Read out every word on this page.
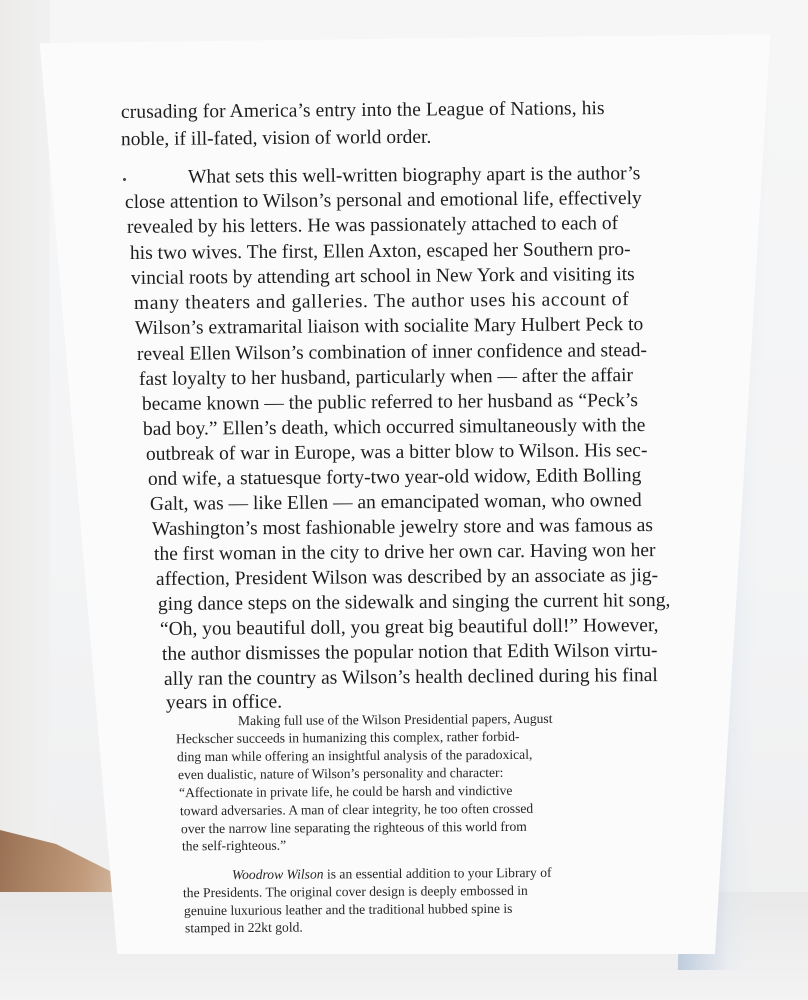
crusading for America’s entry into the League of Nations, his
noble, if ill-fated, vision of world order.
What sets this well-written biography apart is the author’s
close attention to Wilson’s personal and emotional life, effectively
revealed by his letters. He was passionately attached to each of
his two wives. The first, Ellen Axton, escaped her Southern pro-
vincial roots by attending art school in New York and visiting its
many theaters and galleries. The author uses his account of
Wilson’s extramarital liaison with socialite Mary Hulbert Peck to
reveal Ellen Wilson’s combination of inner confidence and stead-
fast loyalty to her husband, particularly when — after the affair
became known — the public referred to her husband as “Peck’s
bad boy.” Ellen’s death, which occurred simultaneously with the
outbreak of war in Europe, was a bitter blow to Wilson. His sec-
ond wife, a statuesque forty-two year-old widow, Edith Bolling
Galt, was — like Ellen — an emancipated woman, who owned
Washington’s most fashionable jewelry store and was famous as
the first woman in the city to drive her own car. Having won her
affection, President Wilson was described by an associate as jig-
ging dance steps on the sidewalk and singing the current hit song,
“Oh, you beautiful doll, you great big beautiful doll!” However,
the author dismisses the popular notion that Edith Wilson virtu-
ally ran the country as Wilson’s health declined during his final
years in office.
Making full use of the Wilson Presidential papers, August
Heckscher succeeds in humanizing this complex, rather forbid-
ding man while offering an insightful analysis of the paradoxical,
even dualistic, nature of Wilson’s personality and character:
“Affectionate in private life, he could be harsh and vindictive
toward adversaries. A man of clear integrity, he too often crossed
over the narrow line separating the righteous of this world from
the self-righteous.”
Woodrow Wilson is an essential addition to your Library of
the Presidents. The original cover design is deeply embossed in
genuine luxurious leather and the traditional hubbed spine is
stamped in 22kt gold.
